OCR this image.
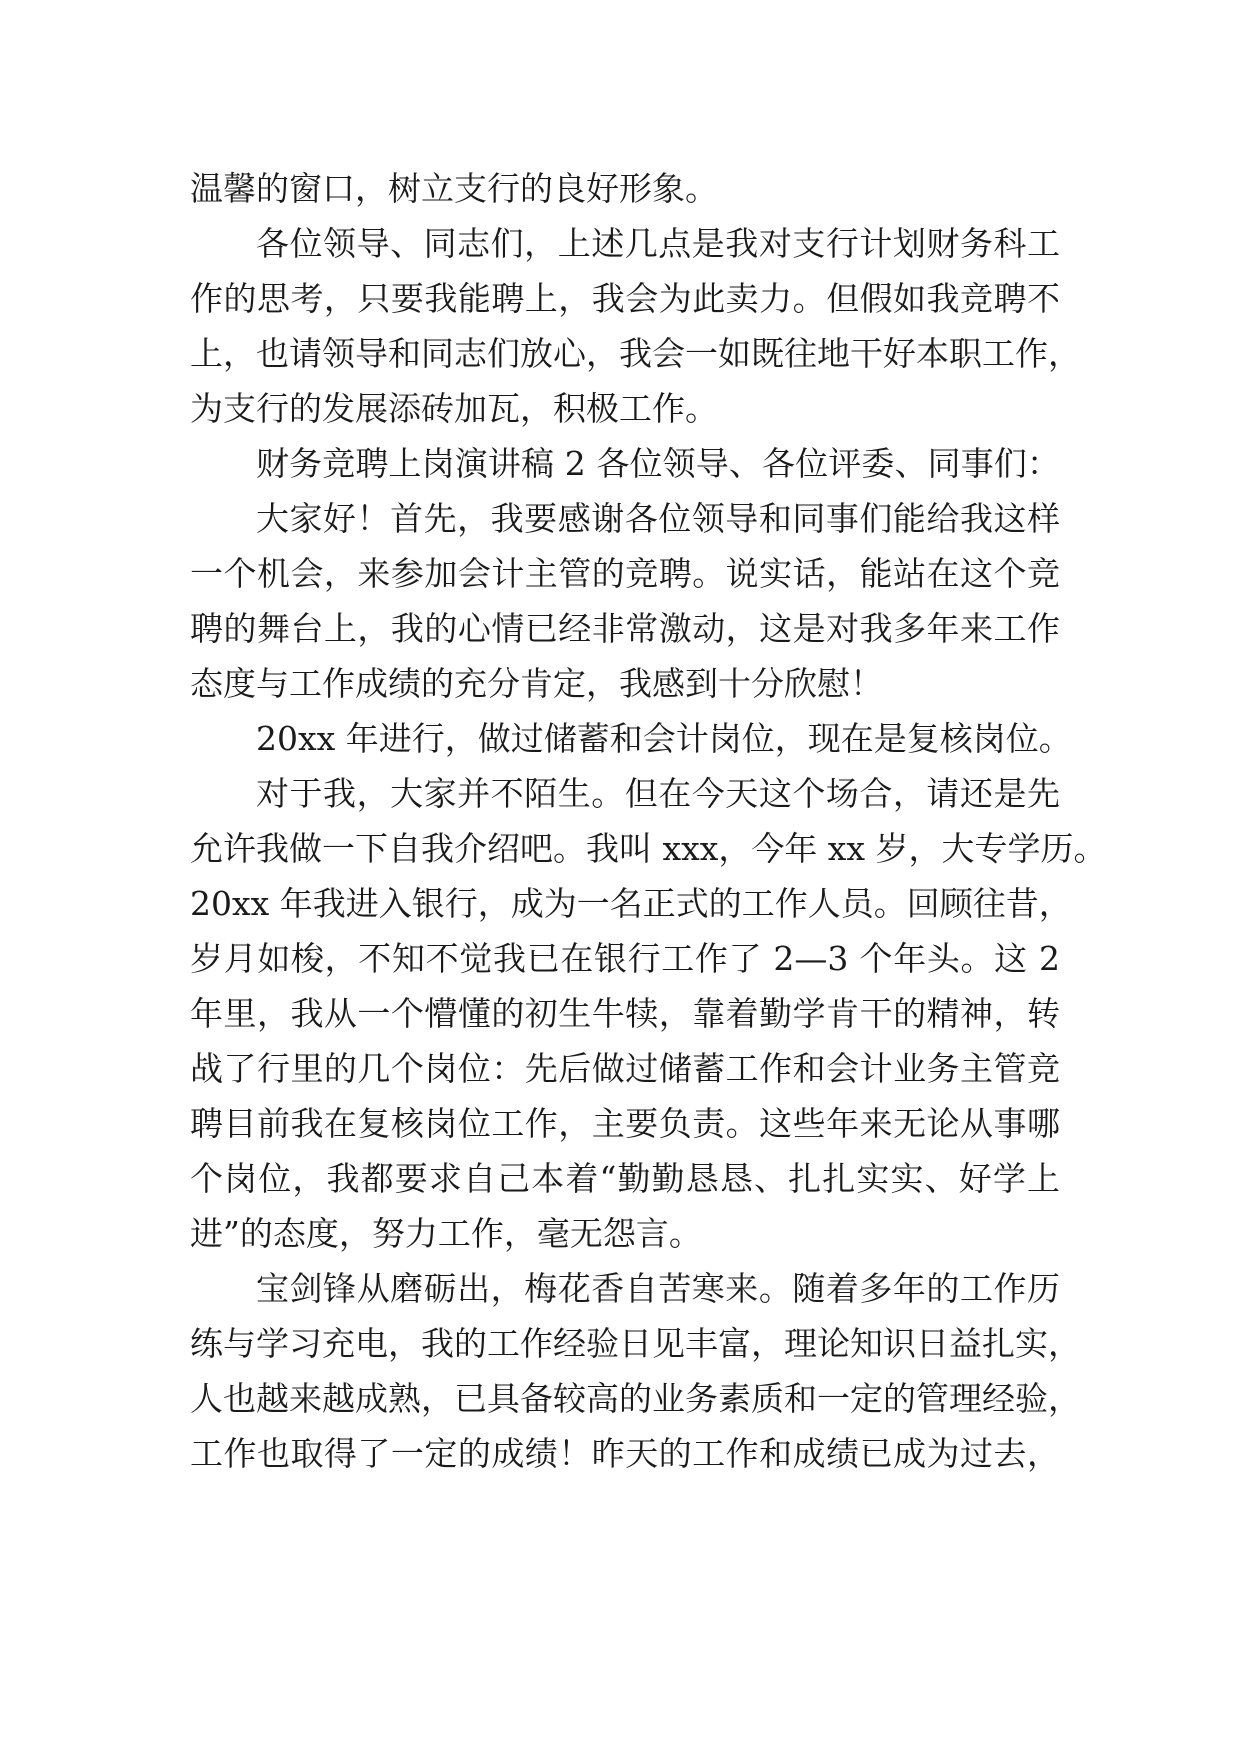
温馨的窗口，树立支行的良好形象。
各位领导、同志们，上述几点是我对支行计划财务科工
作的思考，只要我能聘上，我会为此卖力。但假如我竞聘不
上，也请领导和同志们放心，我会一如既往地干好本职工作，
为支行的发展添砖加瓦，积极工作。
财务竞聘上岗演讲稿 2 各位领导、各位评委、同事们：
大家好！首先，我要感谢各位领导和同事们能给我这样
一个机会，来参加会计主管的竞聘。说实话，能站在这个竞
聘的舞台上，我的心情已经非常激动，这是对我多年来工作
态度与工作成绩的充分肯定，我感到十分欣慰！
20xx 年进行，做过储蓄和会计岗位，现在是复核岗位。
对于我，大家并不陌生。但在今天这个场合，请还是先
允许我做一下自我介绍吧。我叫 xxx，今年 xx 岁，大专学历。
20xx 年我进入银行，成为一名正式的工作人员。回顾往昔，
岁月如梭，不知不觉我已在银行工作了 2—3 个年头。这 2
年里，我从一个懵懂的初生牛犊，靠着勤学肯干的精神，转
战了行里的几个岗位：先后做过储蓄工作和会计业务主管竞
聘目前我在复核岗位工作，主要负责。这些年来无论从事哪
个岗位，我都要求自己本着“勤勤恳恳、扎扎实实、好学上
进”的态度，努力工作，毫无怨言。
宝剑锋从磨砺出，梅花香自苦寒来。随着多年的工作历
练与学习充电，我的工作经验日见丰富，理论知识日益扎实，
人也越来越成熟，已具备较高的业务素质和一定的管理经验，
工作也取得了一定的成绩！昨天的工作和成绩已成为过去，
